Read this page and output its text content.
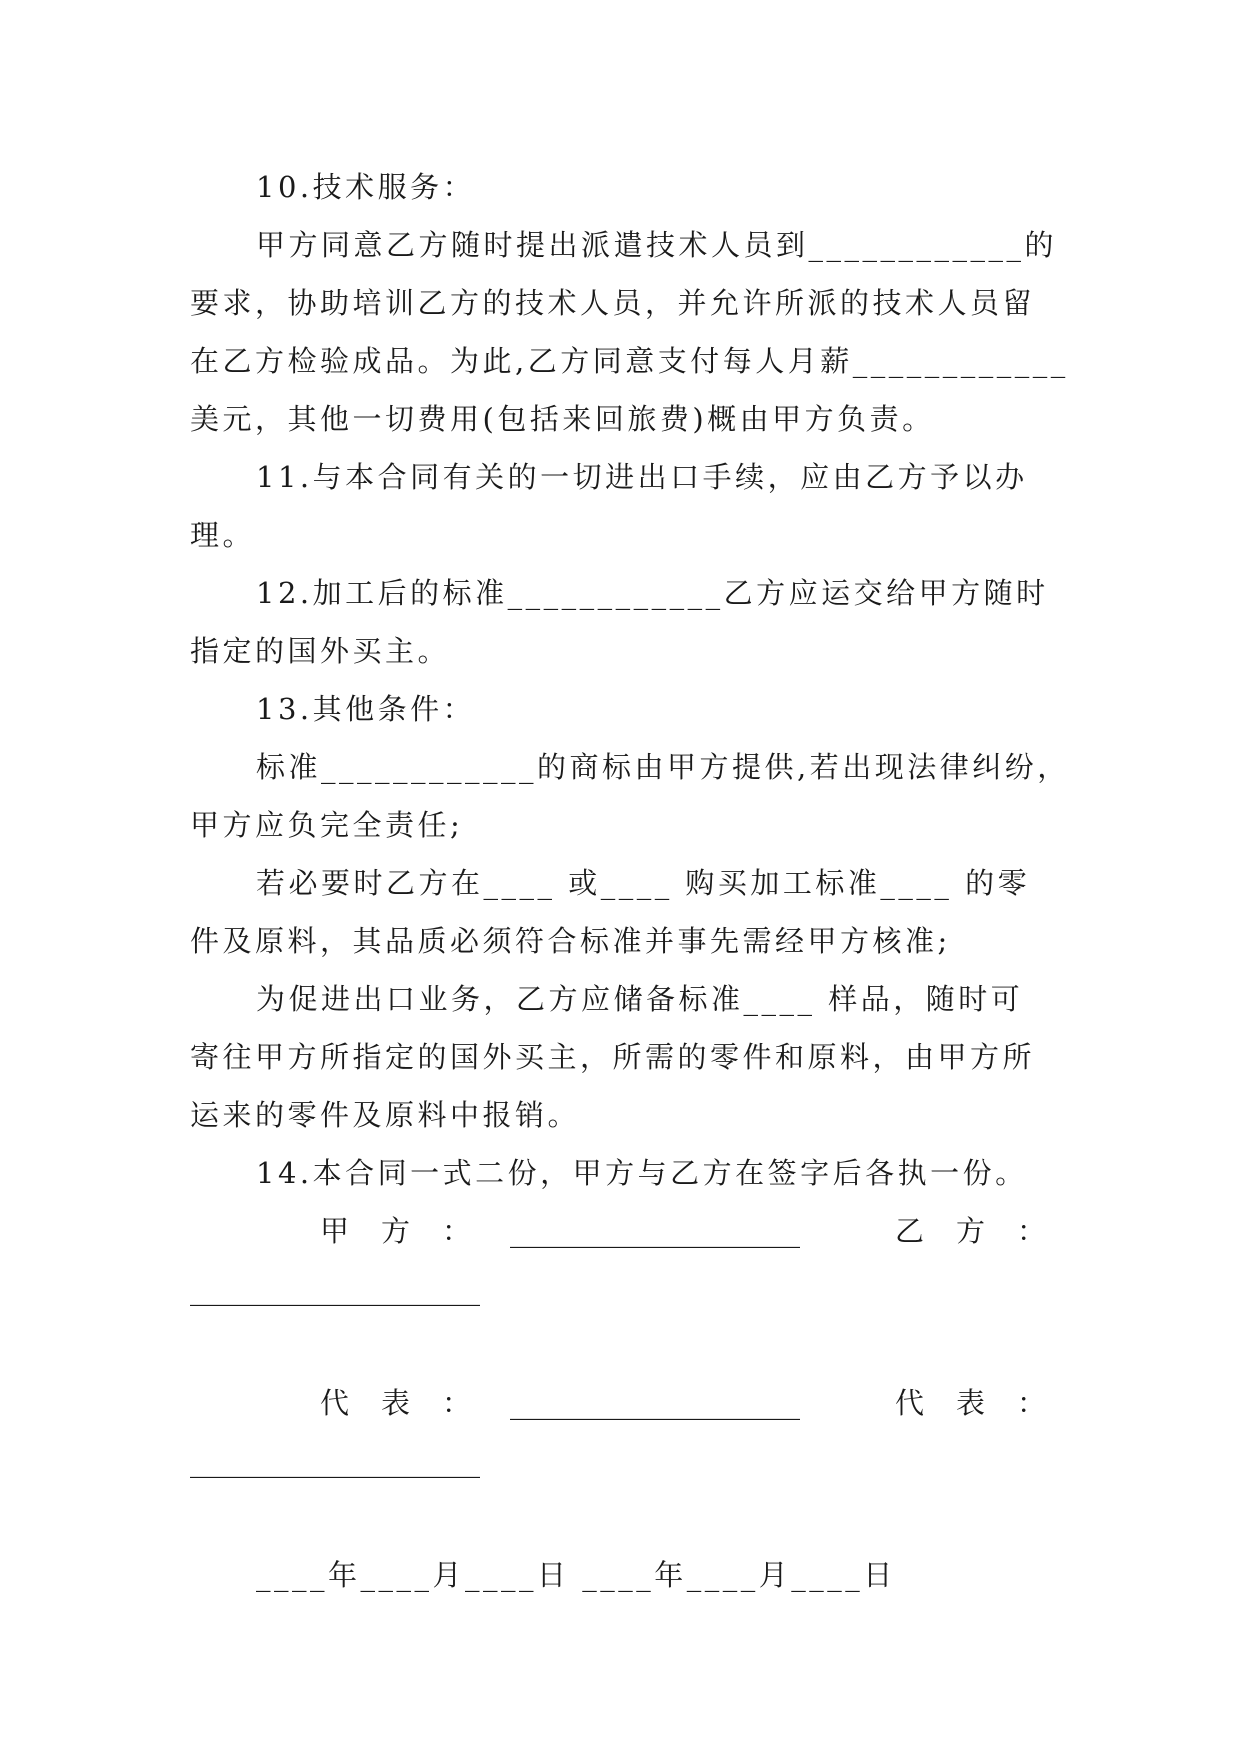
10.技术服务：
甲方同意乙方随时提出派遣技术人员到____________的
要求，协助培训乙方的技术人员，并允许所派的技术人员留
在乙方检验成品。为此,乙方同意支付每人月薪____________
美元，其他一切费用(包括来回旅费)概由甲方负责。
11.与本合同有关的一切进出口手续，应由乙方予以办
理。
12.加工后的标准____________乙方应运交给甲方随时
指定的国外买主。
13.其他条件：
标准____________的商标由甲方提供,若出现法律纠纷，
甲方应负完全责任;
若必要时乙方在____ 或____ 购买加工标准____ 的零
件及原料，其品质必须符合标准并事先需经甲方核准;
为促进出口业务，乙方应储备标准____ 样品，随时可
寄往甲方所指定的国外买主，所需的零件和原料，由甲方所
运来的零件及原料中报销。
14.本合同一式二份，甲方与乙方在签字后各执一份。
甲方： ____________________	乙方：
____________________
代表： ____________________	代表：
____________________
____年____月____日 ____年____月____日
